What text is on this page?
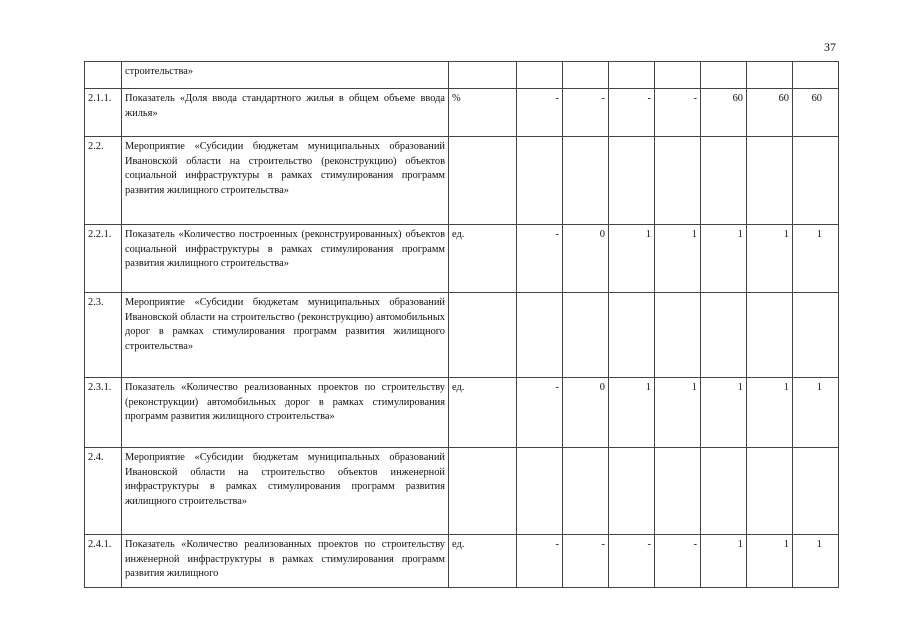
37
	строительства»								
2.1.1.	Показатель «Доля ввода стандартного жилья в общем объеме ввода жилья»	%	-	-	-	-	60	60	60
2.2.	Мероприятие «Субсидии бюджетам муниципальных образований Ивановской области на строительство (реконструкцию) объектов социальной инфраструктуры в рамках стимулирования программ развития жилищного строительства»								
2.2.1.	Показатель «Количество построенных (реконструированных) объектов социальной инфраструктуры в рамках стимулирования программ развития жилищного строительства»	ед.	-	0	1	1	1	1	1
2.3.	Мероприятие «Субсидии бюджетам муниципальных образований Ивановской области на строительство (реконструкцию) автомобильных дорог в рамках стимулирования программ развития жилищного строительства»								
2.3.1.	Показатель «Количество реализованных проектов по строительству (реконструкции) автомобильных дорог в рамках стимулирования программ развития жилищного строительства»	ед.	-	0	1	1	1	1	1
2.4.	Мероприятие «Субсидии бюджетам муниципальных образований Ивановской области на строительство объектов инженерной инфраструктуры в рамках стимулирования программ развития жилищного строительства»								
2.4.1.	Показатель «Количество реализованных проектов по строительству инженерной инфраструктуры в рамках стимулирования программ развития жилищного	ед.	-	-	-	-	1	1	1
